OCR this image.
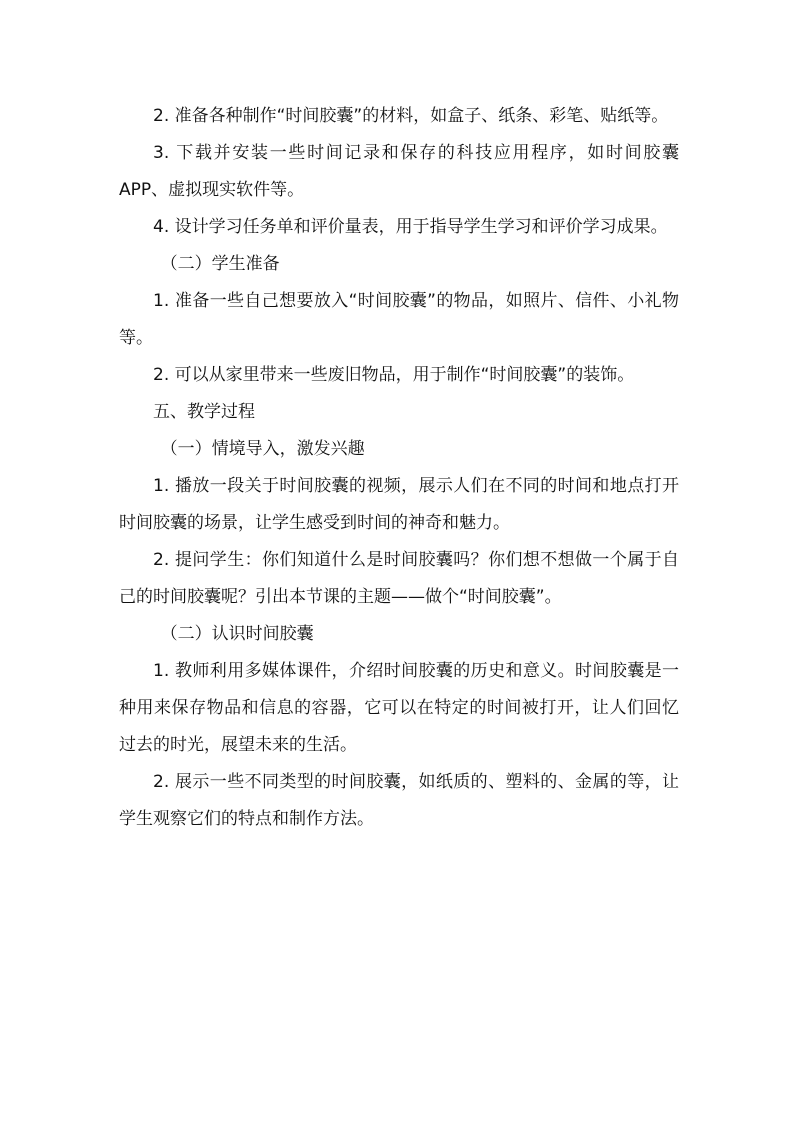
2. 准备各种制作“时间胶囊”的材料，如盒子、纸条、彩笔、贴纸等。

3. 下载并安装一些时间记录和保存的科技应用程序，如时间胶囊APP、虚拟现实软件等。

4. 设计学习任务单和评价量表，用于指导学生学习和评价学习成果。

（二）学生准备

1. 准备一些自己想要放入“时间胶囊”的物品，如照片、信件、小礼物等。

2. 可以从家里带来一些废旧物品，用于制作“时间胶囊”的装饰。

五、教学过程

（一）情境导入，激发兴趣

1. 播放一段关于时间胶囊的视频，展示人们在不同的时间和地点打开时间胶囊的场景，让学生感受到时间的神奇和魅力。

2. 提问学生：你们知道什么是时间胶囊吗？你们想不想做一个属于自己的时间胶囊呢？引出本节课的主题——做个“时间胶囊”。

（二）认识时间胶囊

1. 教师利用多媒体课件，介绍时间胶囊的历史和意义。时间胶囊是一种用来保存物品和信息的容器，它可以在特定的时间被打开，让人们回忆过去的时光，展望未来的生活。

2. 展示一些不同类型的时间胶囊，如纸质的、塑料的、金属的等，让学生观察它们的特点和制作方法。
